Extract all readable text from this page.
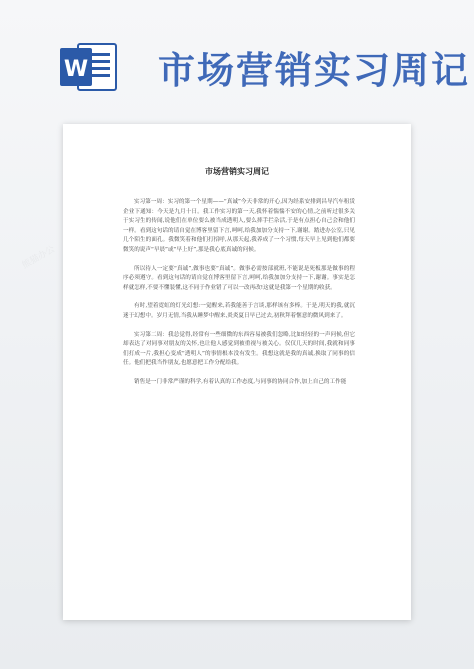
W 市场营销实习周记
市场营销实习周记

实习第一周：实习的第一个星期——“真诚”今天非常的开心,因为经系安排到昌导汽车租赁企业下通知：今天是九月十日。我工作实习的第一天,我怀着惴惴不安的心情,之前听过很多关于实习生的传闻,说他们在单位要么被当成透明人,要么摔手拦杂活,于是有点担心自己会和他们一样。看到这句话的请自觉在博客里留下言,呵呵,给我加加分支持一下,谢谢。踏进办公室,只见几个陌生的面孔。我微笑着和他们打招呼,从那天起,我养成了一个习惯,每天早上见到他们都要微笑的说声“早晨”或“早上好”,那是我心底真诚的问候。

所以待人一定要“真诚”,做事也要“真诚”。做事必需按部就班,不能说是死板那是做事的程序必须遵守。看到这句话的请自觉在博客里留下言,呵呵,给我加加分支持一下,谢谢。事实是怎样就怎样,不要不懂装懂,这不同于作业错了可以一改再改!这就是我第一个星期的收获。

有时,望着霓虹的灯光幻想:一觉醒来,若我能善于言谈,那样该有多棒。于是,明天的我,就沉迷于幻想中。岁月无情,当我从睡梦中醒来,炎炎夏日早已过去,初秋拜着惬意的微风到来了。

实习第二周：我总觉得,经常有一些细微的东西容易被我们忽略,比如轻轻的一声问候,但它却表达了对同事对朋友的关怀,也让他人感觉到被重视与被关心。仅仅几天的时间,我就和同事们打成一片,我担心变成“透明人”的事情根本没有发生。我想这就是我的真诚,换取了同事的信任。他们把我当作朋友,也愿意把工作分配给我。

销售是一门非常严谨的科学,有着认真的工作态度,与同事的协同合作,加上自己的工作能
